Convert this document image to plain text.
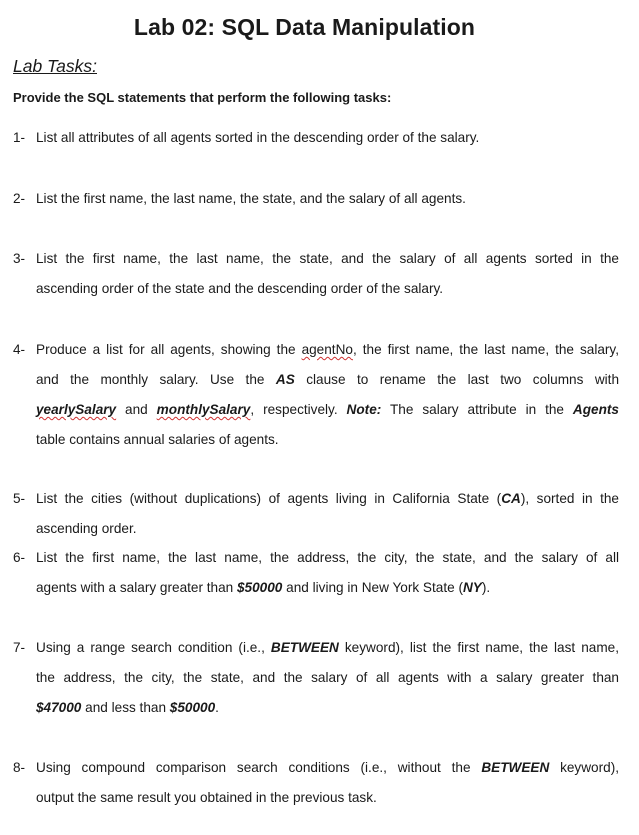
Lab 02: SQL Data Manipulation
Lab Tasks:
Provide the SQL statements that perform the following tasks:
1- List all attributes of all agents sorted in the descending order of the salary.
2- List the first name, the last name, the state, and the salary of all agents.
3- List the first name, the last name, the state, and the salary of all agents sorted in the
ascending order of the state and the descending order of the salary.
4- Produce a list for all agents, showing the agentNo, the first name, the last name, the salary,
and the monthly salary. Use the AS clause to rename the last two columns with
yearlySalary and monthlySalary, respectively. Note: The salary attribute in the Agents
table contains annual salaries of agents.
5- List the cities (without duplications) of agents living in California State (CA), sorted in the
ascending order.
6- List the first name, the last name, the address, the city, the state, and the salary of all
agents with a salary greater than $50000 and living in New York State (NY).
7- Using a range search condition (i.e., BETWEEN keyword), list the first name, the last name,
the address, the city, the state, and the salary of all agents with a salary greater than
$47000 and less than $50000.
8- Using compound comparison search conditions (i.e., without the BETWEEN keyword),
output the same result you obtained in the previous task.
